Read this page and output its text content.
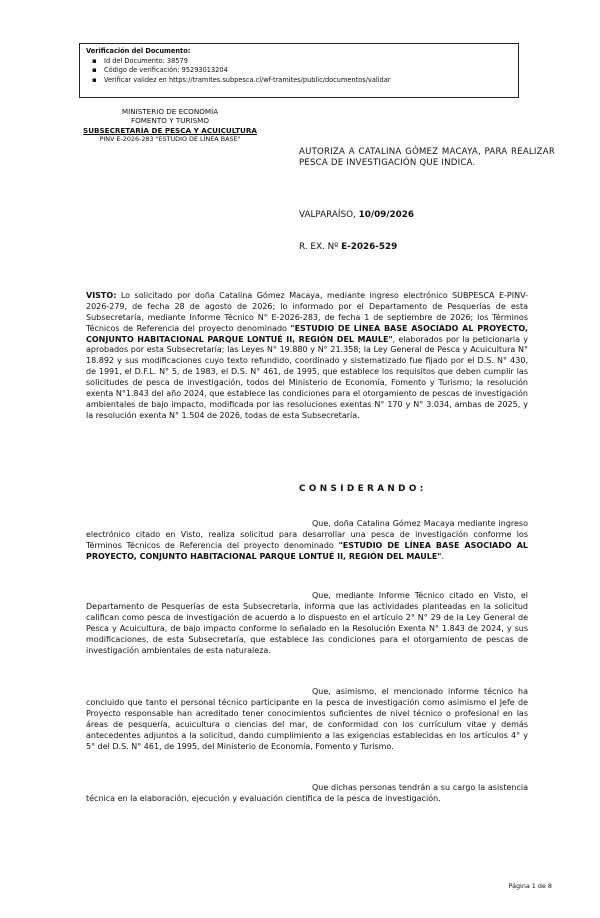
Verificación del Documento:
▪ Id del Documento: 38579
▪ Código de verificación: 95293013204
▪ Verificar validez en https://tramites.subpesca.cl/wf-tramites/public/documentos/validar
MINISTERIO DE ECONOMÍA
FOMENTO Y TURISMO
SUBSECRETARÍA DE PESCA Y ACUICULTURA
PINV E-2026-283 "ESTUDIO DE LÍNEA BASE"
AUTORIZA A CATALINA GÓMEZ MACAYA, PARA REALIZAR PESCA DE INVESTIGACIÓN QUE INDICA.
VALPARAÍSO, 10/09/2026
R. EX. Nº E-2026-529
VISTO: Lo solicitado por doña Catalina Gómez Macaya, mediante ingreso electrónico SUBPESCA E-PINV-2026-279, de fecha 28 de agosto de 2026; lo informado por el Departamento de Pesquerías de esta Subsecretaría, mediante Informe Técnico N° E-2026-283, de fecha 1 de septiembre de 2026; los Términos Técnicos de Referencia del proyecto denominado "ESTUDIO DE LÍNEA BASE ASOCIADO AL PROYECTO, CONJUNTO HABITACIONAL PARQUE LONTUÉ II, REGIÓN DEL MAULE", elaborados por la peticionaria y aprobados por esta Subsecretaría; las Leyes N° 19.880 y N° 21.358; la Ley General de Pesca y Acuicultura N° 18.892 y sus modificaciones cuyo texto refundido, coordinado y sistematizado fue fijado por el D.S. N° 430, de 1991, el D.F.L. N° 5, de 1983, el D.S. N° 461, de 1995, que establece los requisitos que deben cumplir las solicitudes de pesca de investigación, todos del Ministerio de Economía, Fomento y Turismo; la resolución exenta N°1.843 del año 2024, que establece las condiciones para el otorgamiento de pescas de investigación ambientales de bajo impacto, modificada por las resoluciones exentas N° 170 y N° 3.034, ambas de 2025, y la resolución exenta N° 1.504 de 2026, todas de esta Subsecretaría.
CONSIDERANDO:
Que, doña Catalina Gómez Macaya mediante ingreso electrónico citado en Visto, realiza solicitud para desarrollar una pesca de investigación conforme los Términos Técnicos de Referencia del proyecto denominado "ESTUDIO DE LÍNEA BASE ASOCIADO AL PROYECTO, CONJUNTO HABITACIONAL PARQUE LONTUÉ II, REGIÓN DEL MAULE".
Que, mediante Informe Técnico citado en Visto, el Departamento de Pesquerías de esta Subsecretaría, informa que las actividades planteadas en la solicitud califican como pesca de investigación de acuerdo a lo dispuesto en el artículo 2° N° 29 de la Ley General de Pesca y Acuicultura, de bajo impacto conforme lo señalado en la Resolución Exenta N° 1.843 de 2024, y sus modificaciones, de esta Subsecretaría, que establece las condiciones para el otorgamiento de pescas de investigación ambientales de esta naturaleza.
Que, asimismo, el mencionado informe técnico ha concluido que tanto el personal técnico participante en la pesca de investigación como asimismo el Jefe de Proyecto responsable han acreditado tener conocimientos suficientes de nivel técnico o profesional en las áreas de pesquería, acuicultura o ciencias del mar, de conformidad con los currículum vitae y demás antecedentes adjuntos a la solicitud, dando cumplimiento a las exigencias establecidas en los artículos 4° y 5° del D.S. N° 461, de 1995, del Ministerio de Economía, Fomento y Turismo.
Que dichas personas tendrán a su cargo la asistencia técnica en la elaboración, ejecución y evaluación científica de la pesca de investigación.
Página 1 de 8
